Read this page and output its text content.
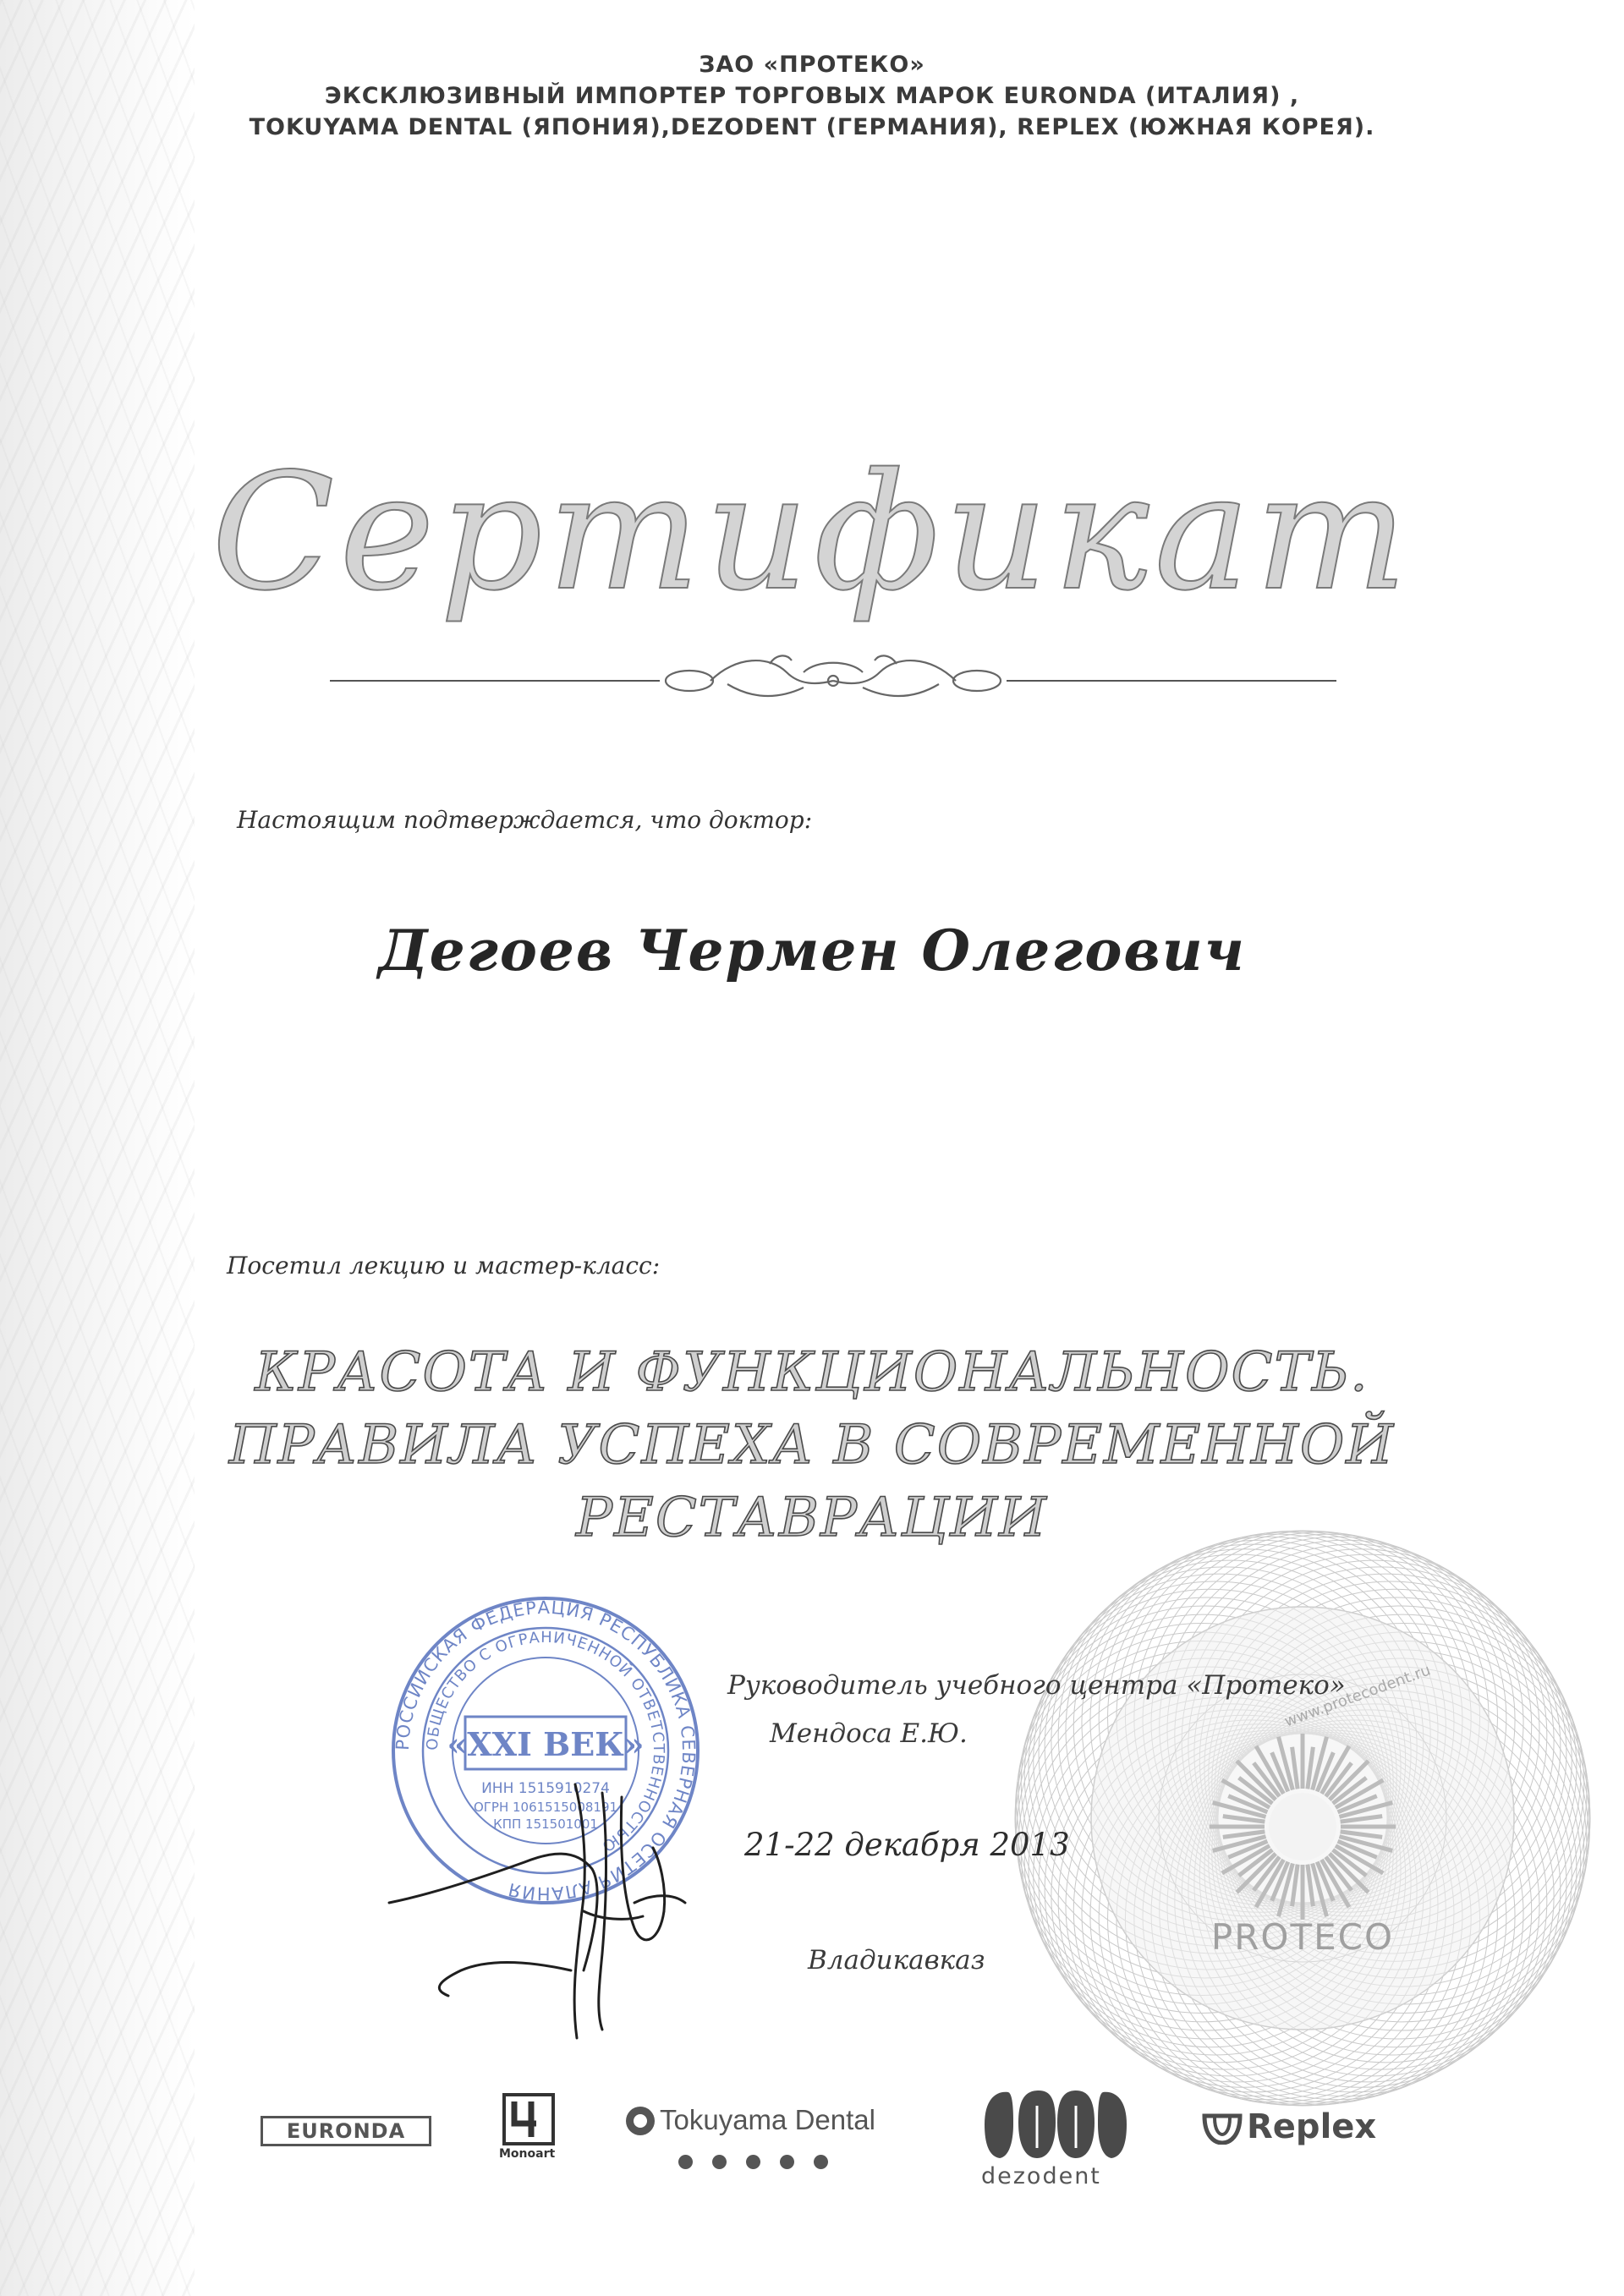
ЗАО «ПРОТЕКО»
ЭКСКЛЮЗИВНЫЙ ИМПОРТЕР ТОРГОВЫХ МАРОК EURONDA (ИТАЛИЯ) ,
TOKUYAMA DENTAL (ЯПОНИЯ),DEZODENT (ГЕРМАНИЯ), REPLEX (ЮЖНАЯ КОРЕЯ).
Сертификат
Настоящим подтверждается, что доктор:
Дегоев Чермен Олегович
Посетил лекцию и мастер-класс:
КРАСОТА И ФУНКЦИОНАЛЬНОСТЬ.
ПРАВИЛА УСПЕХА В СОВРЕМЕННОЙ
РЕСТАВРАЦИИ
www.protecodent.ru
PROTECO
РОССИЙСКАЯ ФЕДЕРАЦИЯ РЕСПУБЛИКА СЕВЕРНАЯ ОСЕТИЯ АЛАНИЯ
ОБЩЕСТВО С ОГРАНИЧЕННОЙ ОТВЕТСТВЕННОСТЬЮ
«XXI ВЕК»
ИНН 1515910274
ОГРН 1061515008191
КПП 151501001
Руководитель учебного центра «Протеко»
Мендоса Е.Ю.
21-22 декабря 2013
Владикавказ
EURONDA
Monoart
Tokuyama Dental
dezodent
Replex
